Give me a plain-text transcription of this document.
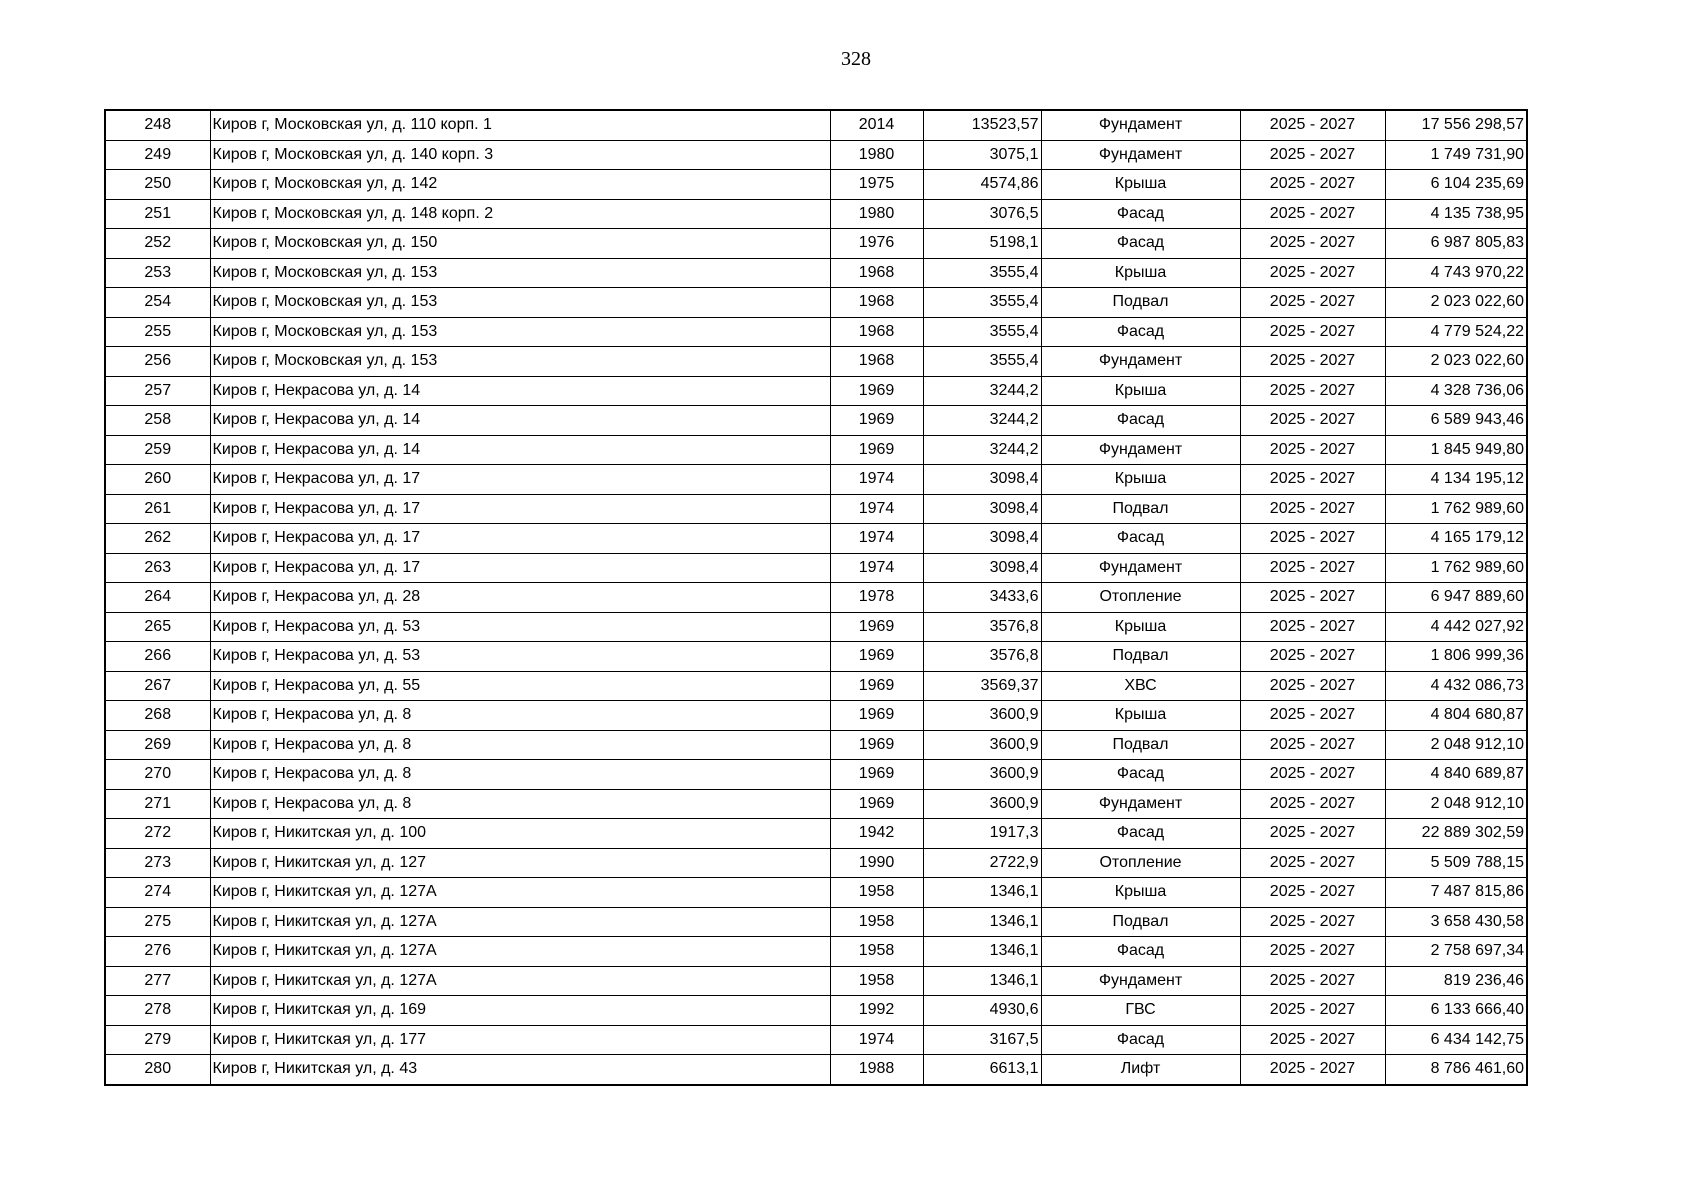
328
248	Киров г, Московская ул, д. 110 корп. 1	2014	13523,57	Фундамент	2025 - 2027	17 556 298,57
249	Киров г, Московская ул, д. 140 корп. 3	1980	3075,1	Фундамент	2025 - 2027	1 749 731,90
250	Киров г, Московская ул, д. 142	1975	4574,86	Крыша	2025 - 2027	6 104 235,69
251	Киров г, Московская ул, д. 148 корп. 2	1980	3076,5	Фасад	2025 - 2027	4 135 738,95
252	Киров г, Московская ул, д. 150	1976	5198,1	Фасад	2025 - 2027	6 987 805,83
253	Киров г, Московская ул, д. 153	1968	3555,4	Крыша	2025 - 2027	4 743 970,22
254	Киров г, Московская ул, д. 153	1968	3555,4	Подвал	2025 - 2027	2 023 022,60
255	Киров г, Московская ул, д. 153	1968	3555,4	Фасад	2025 - 2027	4 779 524,22
256	Киров г, Московская ул, д. 153	1968	3555,4	Фундамент	2025 - 2027	2 023 022,60
257	Киров г, Некрасова ул, д. 14	1969	3244,2	Крыша	2025 - 2027	4 328 736,06
258	Киров г, Некрасова ул, д. 14	1969	3244,2	Фасад	2025 - 2027	6 589 943,46
259	Киров г, Некрасова ул, д. 14	1969	3244,2	Фундамент	2025 - 2027	1 845 949,80
260	Киров г, Некрасова ул, д. 17	1974	3098,4	Крыша	2025 - 2027	4 134 195,12
261	Киров г, Некрасова ул, д. 17	1974	3098,4	Подвал	2025 - 2027	1 762 989,60
262	Киров г, Некрасова ул, д. 17	1974	3098,4	Фасад	2025 - 2027	4 165 179,12
263	Киров г, Некрасова ул, д. 17	1974	3098,4	Фундамент	2025 - 2027	1 762 989,60
264	Киров г, Некрасова ул, д. 28	1978	3433,6	Отопление	2025 - 2027	6 947 889,60
265	Киров г, Некрасова ул, д. 53	1969	3576,8	Крыша	2025 - 2027	4 442 027,92
266	Киров г, Некрасова ул, д. 53	1969	3576,8	Подвал	2025 - 2027	1 806 999,36
267	Киров г, Некрасова ул, д. 55	1969	3569,37	ХВС	2025 - 2027	4 432 086,73
268	Киров г, Некрасова ул, д. 8	1969	3600,9	Крыша	2025 - 2027	4 804 680,87
269	Киров г, Некрасова ул, д. 8	1969	3600,9	Подвал	2025 - 2027	2 048 912,10
270	Киров г, Некрасова ул, д. 8	1969	3600,9	Фасад	2025 - 2027	4 840 689,87
271	Киров г, Некрасова ул, д. 8	1969	3600,9	Фундамент	2025 - 2027	2 048 912,10
272	Киров г, Никитская ул, д. 100	1942	1917,3	Фасад	2025 - 2027	22 889 302,59
273	Киров г, Никитская ул, д. 127	1990	2722,9	Отопление	2025 - 2027	5 509 788,15
274	Киров г, Никитская ул, д. 127А	1958	1346,1	Крыша	2025 - 2027	7 487 815,86
275	Киров г, Никитская ул, д. 127А	1958	1346,1	Подвал	2025 - 2027	3 658 430,58
276	Киров г, Никитская ул, д. 127А	1958	1346,1	Фасад	2025 - 2027	2 758 697,34
277	Киров г, Никитская ул, д. 127А	1958	1346,1	Фундамент	2025 - 2027	819 236,46
278	Киров г, Никитская ул, д. 169	1992	4930,6	ГВС	2025 - 2027	6 133 666,40
279	Киров г, Никитская ул, д. 177	1974	3167,5	Фасад	2025 - 2027	6 434 142,75
280	Киров г, Никитская ул, д. 43	1988	6613,1	Лифт	2025 - 2027	8 786 461,60
